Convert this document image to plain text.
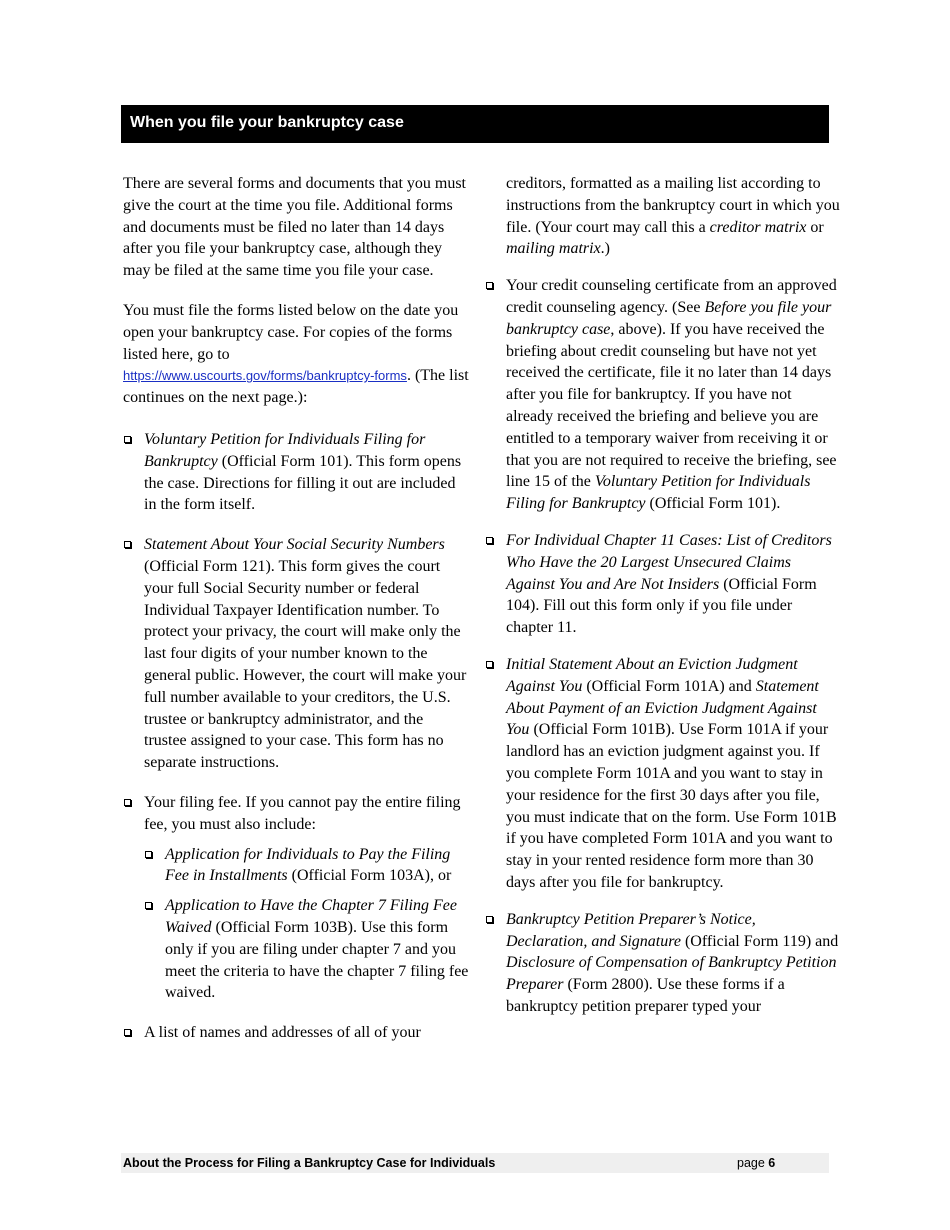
When you file your bankruptcy case

There are several forms and documents that you must give the court at the time you file. Additional forms and documents must be filed no later than 14 days after you file your bankruptcy case, although they may be filed at the same time you file your case.

You must file the forms listed below on the date you open your bankruptcy case. For copies of the forms listed here, go to
https://www.uscourts.gov/forms/bankruptcy-forms. (The list continues on the next page.):

Voluntary Petition for Individuals Filing for Bankruptcy (Official Form 101). This form opens the case. Directions for filling it out are included in the form itself.
Statement About Your Social Security Numbers (Official Form 121). This form gives the court your full Social Security number or federal Individual Taxpayer Identification number. To protect your privacy, the court will make only the last four digits of your number known to the general public. However, the court will make your full number available to your creditors, the U.S. trustee or bankruptcy administrator, and the trustee assigned to your case. This form has no separate instructions.
Your filing fee. If you cannot pay the entire filing fee, you must also include:
Application for Individuals to Pay the Filing Fee in Installments (Official Form 103A), or
Application to Have the Chapter 7 Filing Fee Waived (Official Form 103B). Use this form only if you are filing under chapter 7 and you meet the criteria to have the chapter 7 filing fee waived.
A list of names and addresses of all of your
creditors, formatted as a mailing list according to instructions from the bankruptcy court in which you file. (Your court may call this a creditor matrix or mailing matrix.)
Your credit counseling certificate from an approved credit counseling agency. (See Before you file your bankruptcy case, above). If you have received the briefing about credit counseling but have not yet received the certificate, file it no later than 14 days after you file for bankruptcy. If you have not already received the briefing and believe you are entitled to a temporary waiver from receiving it or that you are not required to receive the briefing, see line 15 of the Voluntary Petition for Individuals Filing for Bankruptcy (Official Form 101).
For Individual Chapter 11 Cases: List of Creditors Who Have the 20 Largest Unsecured Claims Against You and Are Not Insiders (Official Form 104). Fill out this form only if you file under chapter 11.
Initial Statement About an Eviction Judgment Against You (Official Form 101A) and Statement About Payment of an Eviction Judgment Against You (Official Form 101B). Use Form 101A if your landlord has an eviction judgment against you. If you complete Form 101A and you want to stay in your residence for the first 30 days after you file, you must indicate that on the form. Use Form 101B if you have completed Form 101A and you want to stay in your rented residence form more than 30 days after you file for bankruptcy.
Bankruptcy Petition Preparer’s Notice, Declaration, and Signature (Official Form 119) and Disclosure of Compensation of Bankruptcy Petition Preparer (Form 2800). Use these forms if a bankruptcy petition preparer typed your
About the Process for Filing a Bankruptcy Case for Individuals	page 6
